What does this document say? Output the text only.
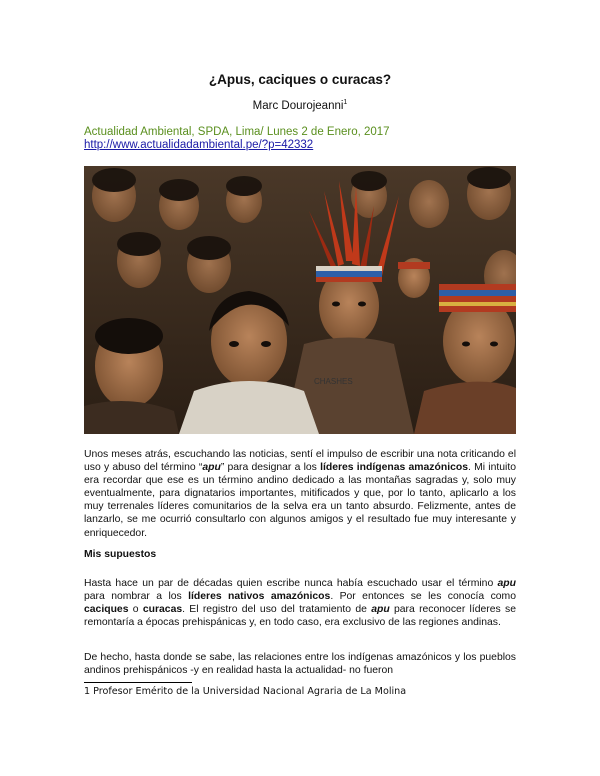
¿Apus, caciques o curacas?
Marc Dourojeanni$^1$
Actualidad Ambiental, SPDA, Lima/ Lunes 2 de Enero, 2017
http://www.actualidadambiental.pe/?p=42332
CHASHES

Unos meses atrás, escuchando las noticias, sentí el impulso de escribir una nota criticando el uso y abuso del término “apu” para designar a los líderes indígenas amazónicos. Mi intuito era recordar que ese es un término andino dedicado a las montañas sagradas y, solo muy eventualmente, para dignatarios importantes, mitificados y que, por lo tanto, aplicarlo a los muy terrenales líderes comunitarios de la selva era un tanto absurdo. Felizmente, antes de lanzarlo, se me ocurrió consultarlo con algunos amigos y el resultado fue muy interesante y enriquecedor.

Mis supuestos

Hasta hace un par de décadas quien escribe nunca había escuchado usar el término apu para nombrar a los líderes nativos amazónicos. Por entonces se les conocía como caciques o curacas. El registro del uso del tratamiento de apu para reconocer líderes se remontaría a épocas prehispánicas y, en todo caso, era exclusivo de las regiones andinas.

De hecho, hasta donde se sabe, las relaciones entre los indígenas amazónicos y los pueblos andinos prehispánicos -y en realidad hasta la actualidad- no fueron

1 Profesor Emérito de la Universidad Nacional Agraria de La Molina
